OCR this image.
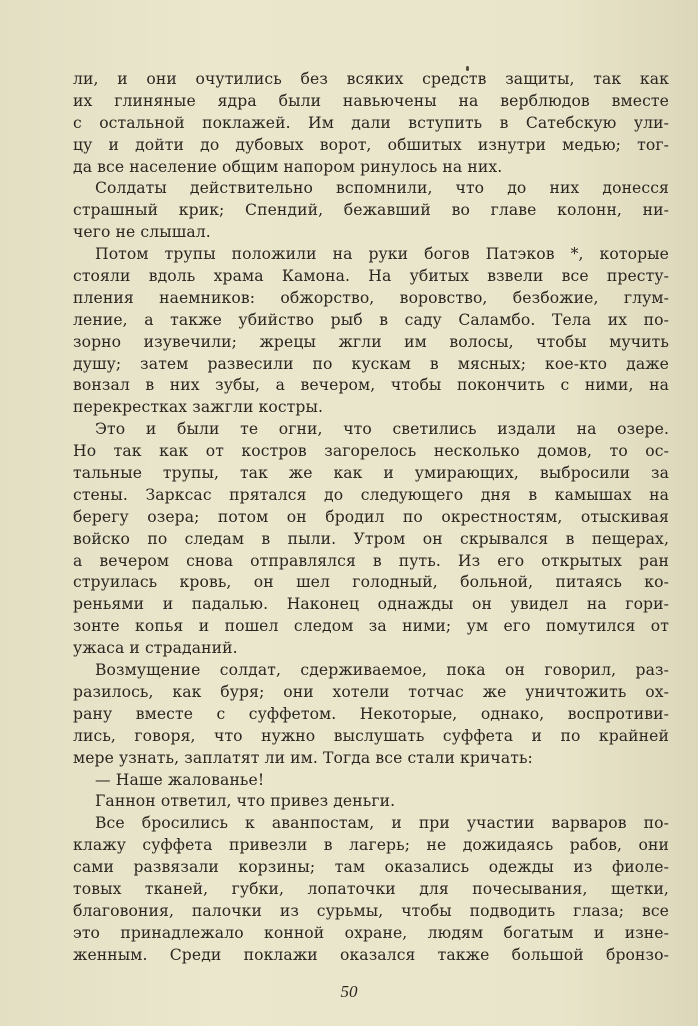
ли, и они очутились без всяких средств защиты, так как
их глиняные ядра были навьючены на верблюдов вместе
с остальной поклажей. Им дали вступить в Сатебскую ули-
цу и дойти до дубовых ворот, обшитых изнутри медью; тог-
да все население общим напором ринулось на них.
Солдаты действительно вспомнили, что до них донесся
страшный крик; Спендий, бежавший во главе колонн, ни-
чего не слышал.
Потом трупы положили на руки богов Патэков *, которые
стояли вдоль храма Камона. На убитых взвели все престу-
пления наемников: обжорство, воровство, безбожие, глум-
ление, а также убийство рыб в саду Саламбо. Тела их по-
зорно изувечили; жрецы жгли им волосы, чтобы мучить
душу; затем развесили по кускам в мясных; кое-кто даже
вонзал в них зубы, а вечером, чтобы покончить с ними, на
перекрестках зажгли костры.
Это и были те огни, что светились издали на озере.
Но так как от костров загорелось несколько домов, то ос-
тальные трупы, так же как и умирающих, выбросили за
стены. Зарксас прятался до следующего дня в камышах на
берегу озера; потом он бродил по окрестностям, отыскивая
войско по следам в пыли. Утром он скрывался в пещерах,
а вечером снова отправлялся в путь. Из его открытых ран
струилась кровь, он шел голодный, больной, питаясь ко-
реньями и падалью. Наконец однажды он увидел на гори-
зонте копья и пошел следом за ними; ум его помутился от
ужаса и страданий.
Возмущение солдат, сдерживаемое, пока он говорил, раз-
разилось, как буря; они хотели тотчас же уничтожить ох-
рану вместе с суффетом. Некоторые, однако, воспротиви-
лись, говоря, что нужно выслушать суффета и по крайней
мере узнать, заплатят ли им. Тогда все стали кричать:
— Наше жалованье!
Ганнон ответил, что привез деньги.
Все бросились к аванпостам, и при участии варваров по-
клажу суффета привезли в лагерь; не дожидаясь рабов, они
сами развязали корзины; там оказались одежды из фиоле-
товых тканей, губки, лопаточки для почесывания, щетки,
благовония, палочки из сурьмы, чтобы подводить глаза; все
это принадлежало конной охране, людям богатым и изне-
женным. Среди поклажи оказался также большой бронзо-
50
